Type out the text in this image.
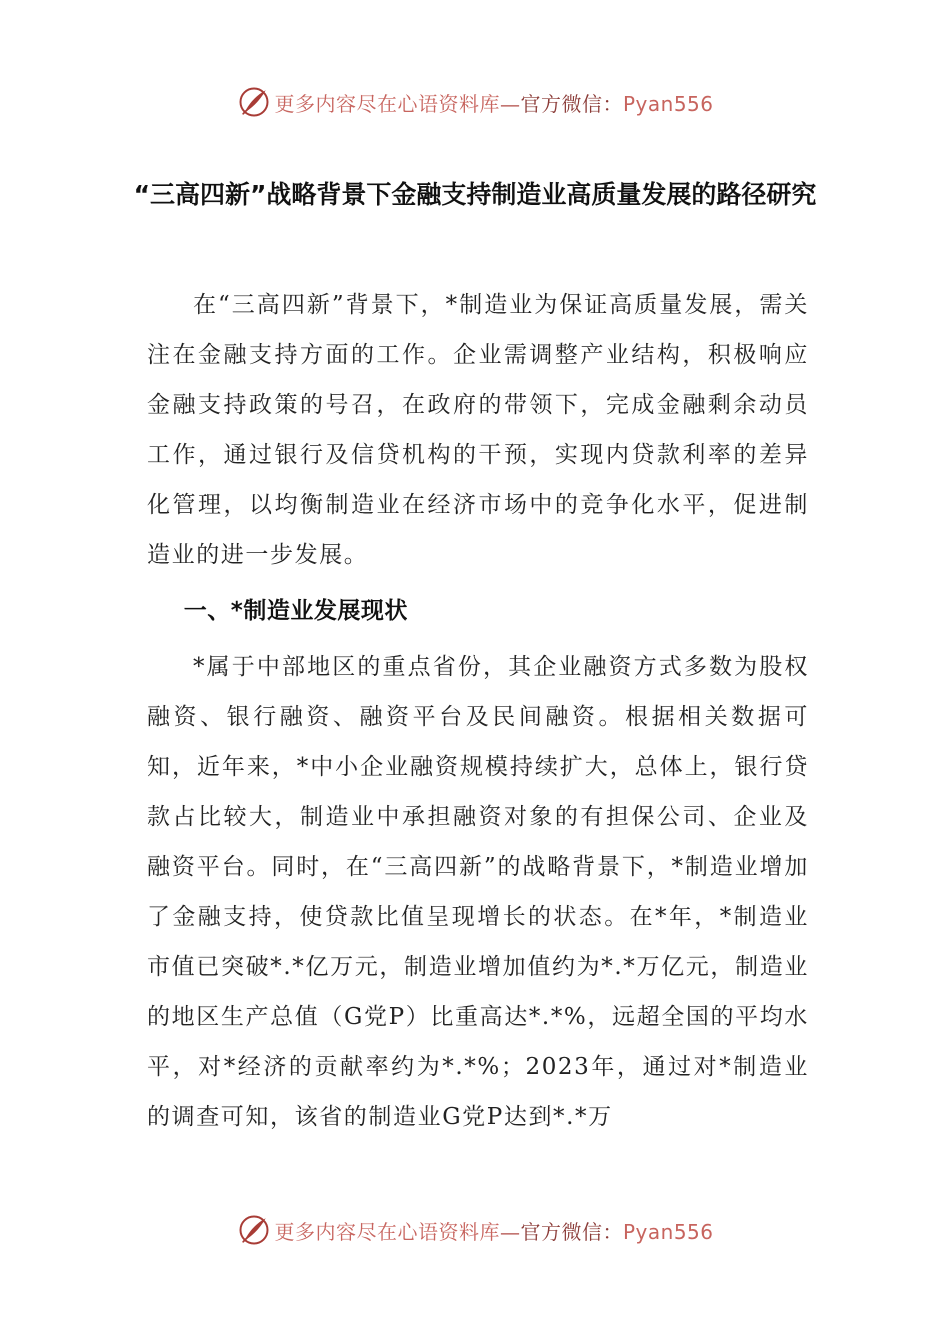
更多内容尽在心语资料库—官方微信：Pyan556
“三高四新”战略背景下金融支持制造业高质量发展的路径研究

在“三高四新”背景下，*制造业为保证高质量发展，需关注在金融支持方面的工作。企业需调整产业结构，积极响应金融支持政策的号召，在政府的带领下，完成金融剩余动员工作，通过银行及信贷机构的干预，实现内贷款利率的差异化管理，以均衡制造业在经济市场中的竞争化水平，促进制造业的进一步发展。

一、*制造业发展现状

*属于中部地区的重点省份，其企业融资方式多数为股权融资、银行融资、融资平台及民间融资。根据相关数据可知，近年来，*中小企业融资规模持续扩大，总体上，银行贷款占比较大，制造业中承担融资对象的有担保公司、企业及融资平台。同时，在“三高四新”的战略背景下，*制造业增加了金融支持，使贷款比值呈现增长的状态。在*年，*制造业市值已突破*.*亿万元，制造业增加值约为*.*万亿元，制造业的地区生产总值（G党P）比重高达*.*%，远超全国的平均水平，对*经济的贡献率约为*.*%；2023年，通过对*制造业的调查可知，该省的制造业G党P达到*.*万

更多内容尽在心语资料库—官方微信：Pyan556
